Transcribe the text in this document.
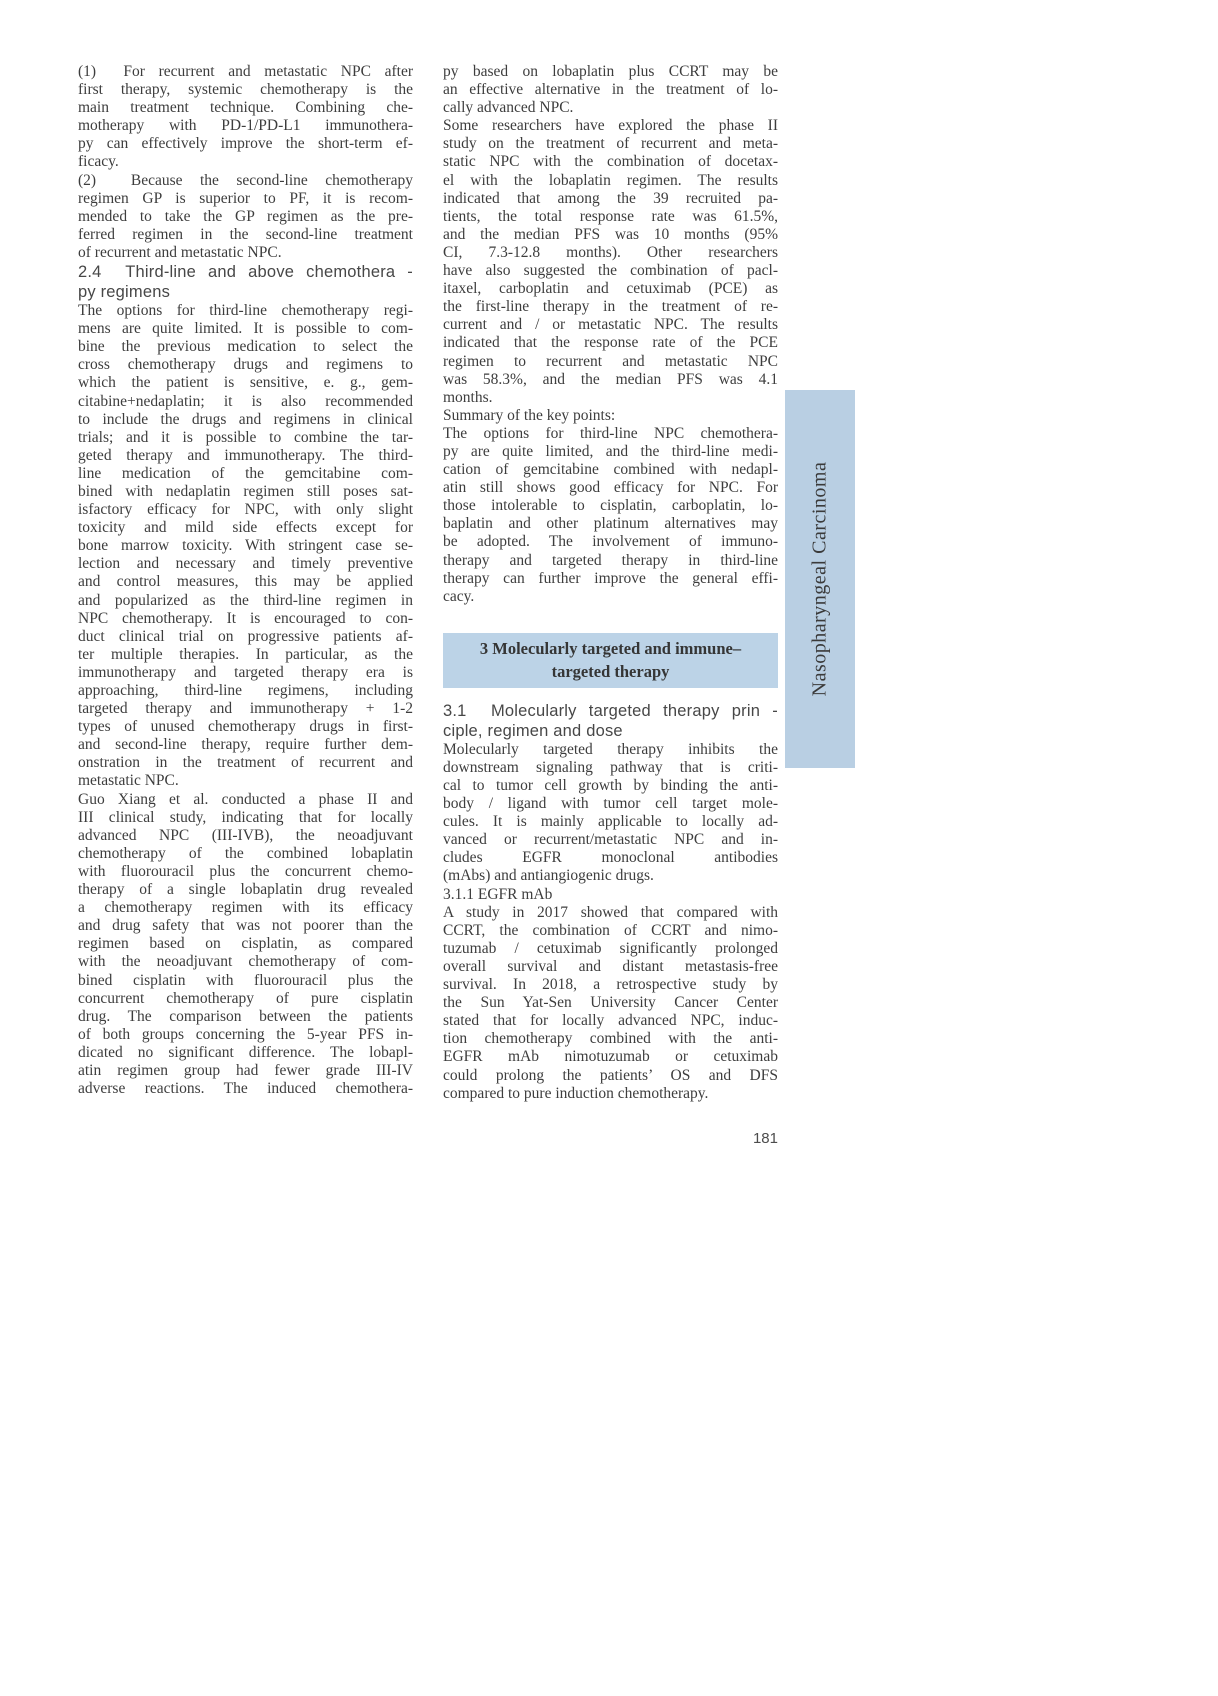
(1)  For recurrent and metastatic NPC after
first therapy, systemic chemotherapy is the
main treatment technique. Combining che-
motherapy with PD-1/PD-L1 immunothera-
py can effectively improve the short-term ef-
ficacy.
(2)  Because the second-line chemotherapy
regimen GP is superior to PF, it is recom-
mended to take the GP regimen as the pre-
ferred regimen in the second-line treatment
of recurrent and metastatic NPC.
2.4  Third-line and above chemothera -
py regimens
The options for third-line chemotherapy regi-
mens are quite limited. It is possible to com-
bine the previous medication to select the
cross chemotherapy drugs and regimens to
which the patient is sensitive, e. g., gem-
citabine+nedaplatin; it is also recommended
to include the drugs and regimens in clinical
trials; and it is possible to combine the tar-
geted therapy and immunotherapy. The third-
line medication of the gemcitabine com-
bined with nedaplatin regimen still poses sat-
isfactory efficacy for NPC, with only slight
toxicity and mild side effects except for
bone marrow toxicity. With stringent case se-
lection and necessary and timely preventive
and control measures, this may be applied
and popularized as the third-line regimen in
NPC chemotherapy. It is encouraged to con-
duct clinical trial on progressive patients af-
ter multiple therapies. In particular, as the
immunotherapy and targeted therapy era is
approaching, third-line regimens, including
targeted therapy and immunotherapy + 1-2
types of unused chemotherapy drugs in first-
and second-line therapy, require further dem-
onstration in the treatment of recurrent and
metastatic NPC.
Guo Xiang et al. conducted a phase II and
III clinical study, indicating that for locally
advanced NPC (III-IVB), the neoadjuvant
chemotherapy of the combined lobaplatin
with fluorouracil plus the concurrent chemo-
therapy of a single lobaplatin drug revealed
a chemotherapy regimen with its efficacy
and drug safety that was not poorer than the
regimen based on cisplatin, as compared
with the neoadjuvant chemotherapy of com-
bined cisplatin with fluorouracil plus the
concurrent chemotherapy of pure cisplatin
drug. The comparison between the patients
of both groups concerning the 5-year PFS in-
dicated no significant difference. The lobapl-
atin regimen group had fewer grade III-IV
adverse reactions. The induced chemothera-
py based on lobaplatin plus CCRT may be
an effective alternative in the treatment of lo-
cally advanced NPC.
Some researchers have explored the phase II
study on the treatment of recurrent and meta-
static NPC with the combination of docetax-
el with the lobaplatin regimen. The results
indicated that among the 39 recruited pa-
tients, the total response rate was 61.5%,
and the median PFS was 10 months (95%
CI, 7.3-12.8 months). Other researchers
have also suggested the combination of pacl-
itaxel, carboplatin and cetuximab (PCE) as
the first-line therapy in the treatment of re-
current and / or metastatic NPC. The results
indicated that the response rate of the PCE
regimen to recurrent and metastatic NPC
was 58.3%, and the median PFS was 4.1
months.
Summary of the key points:
The options for third-line NPC chemothera-
py are quite limited, and the third-line medi-
cation of gemcitabine combined with nedapl-
atin still shows good efficacy for NPC. For
those intolerable to cisplatin, carboplatin, lo-
baplatin and other platinum alternatives may
be adopted. The involvement of immuno-
therapy and targeted therapy in third-line
therapy can further improve the general effi-
cacy.
3 Molecularly targeted and immune–
targeted therapy
3.1  Molecularly targeted therapy prin -
ciple, regimen and dose
Molecularly targeted therapy inhibits the
downstream signaling pathway that is criti-
cal to tumor cell growth by binding the anti-
body / ligand with tumor cell target mole-
cules. It is mainly applicable to locally ad-
vanced or recurrent/metastatic NPC and in-
cludes EGFR monoclonal antibodies
(mAbs) and antiangiogenic drugs.
3.1.1 EGFR mAb
A study in 2017 showed that compared with
CCRT, the combination of CCRT and nimo-
tuzumab / cetuximab significantly prolonged
overall survival and distant metastasis-free
survival. In 2018, a retrospective study by
the Sun Yat-Sen University Cancer Center
stated that for locally advanced NPC, induc-
tion chemotherapy combined with the anti-
EGFR mAb nimotuzumab or cetuximab
could prolong the patients’ OS and DFS
compared to pure induction chemotherapy.
Nasopharyngeal Carcinoma
181
